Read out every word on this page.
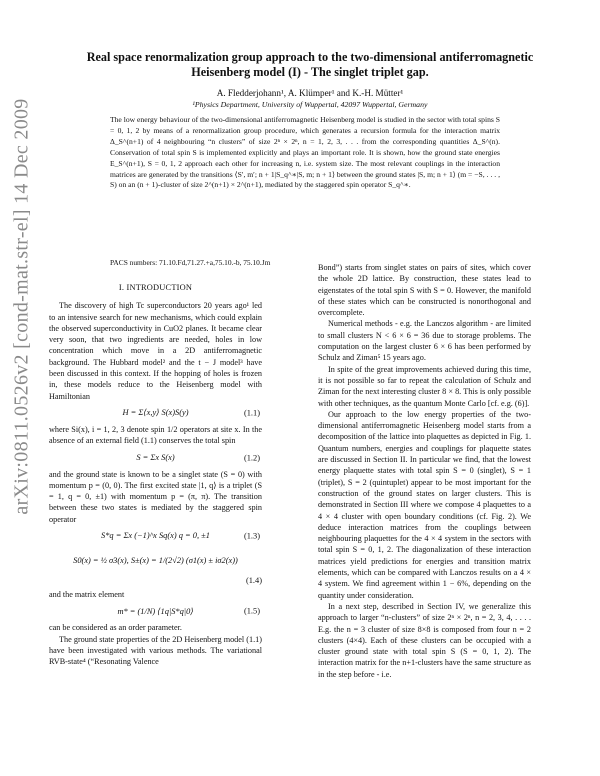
arXiv:0811.0526v2 [cond-mat.str-el] 14 Dec 2009
Real space renormalization group approach to the two-dimensional antiferromagnetic Heisenberg model (I) - The singlet triplet gap.
A. Fledderjohann¹, A. Klümper¹ and K.-H. Mütter¹
¹Physics Department, University of Wuppertal, 42097 Wuppertal, Germany
The low energy behaviour of the two-dimensional antiferromagnetic Heisenberg model is studied in the sector with total spins S = 0, 1, 2 by means of a renormalization group procedure, which generates a recursion formula for the interaction matrix Δ_S^(n+1) of 4 neighbouring “n clusters” of size 2ⁿ × 2ⁿ, n = 1, 2, 3, . . . from the corresponding quantities Δ_S^(n). Conservation of total spin S is implemented explicitly and plays an important role. It is shown, how the ground state energies E_S^(n+1), S = 0, 1, 2 approach each other for increasing n, i.e. system size. The most relevant couplings in the interaction matrices are generated by the transitions ⟨S′, m′; n + 1|S_q^∗|S, m; n + 1⟩ between the ground states |S, m; n + 1⟩ (m = −S, . . . , S) on an (n + 1)-cluster of size 2^(n+1) × 2^(n+1), mediated by the staggered spin operator S_q^∗.
PACS numbers: 71.10.Fd,71.27.+a,75.10.-b, 75.10.Jm
I. INTRODUCTION

The discovery of high Tc superconductors 20 years ago¹ led to an intensive search for new mechanisms, which could explain the observed superconductivity in CuO2 planes. It became clear very soon, that two ingredients are needed, holes in low concentration which move in a 2D antiferromagnetic background. The Hubbard model² and the t − J model³ have been discussed in this context. If the hopping of holes is frozen in, these models reduce to the Heisenberg model with Hamiltonian

H = Σ⟨x,y⟩ S(x)S(y)	(1.1)

where Si(x), i = 1, 2, 3 denote spin 1/2 operators at site x. In the absence of an external field (1.1) conserves the total spin

S = Σx S(x)	(1.2)

and the ground state is known to be a singlet state (S = 0) with momentum p = (0, 0). The first excited state |1, q⟩ is a triplet (S = 1, q = 0, ±1) with momentum p = (π, π). The transition between these two states is mediated by the staggered spin operator

S*q = Σx (−1)^x Sq(x) q = 0, ±1	(1.3)
S0(x) = ½ σ3(x), S±(x) = 1/(2√2) (σ1(x) ± iσ2(x))
(1.4)

and the matrix element

m* = (1/N) ⟨1q|S*q|0⟩	(1.5)

can be considered as an order parameter.

The ground state properties of the 2D Heisenberg model (1.1) have been investigated with various methods. The variational RVB-state⁴ (“Resonating Valence

Bond”) starts from singlet states on pairs of sites, which cover the whole 2D lattice. By construction, these states lead to eigenstates of the total spin S with S = 0. However, the manifold of these states which can be constructed is nonorthogonal and overcomplete.

Numerical methods - e.g. the Lanczos algorithm - are limited to small clusters N < 6 × 6 = 36 due to storage problems. The computation on the largest cluster 6 × 6 has been performed by Schulz and Ziman⁵ 15 years ago.

In spite of the great improvements achieved during this time, it is not possible so far to repeat the calculation of Schulz and Ziman for the next interesting cluster 8 × 8. This is only possible with other techniques, as the quantum Monte Carlo [cf. e.g. (6)].

Our approach to the low energy properties of the two-dimensional antiferromagnetic Heisenberg model starts from a decomposition of the lattice into plaquettes as depicted in Fig. 1. Quantum numbers, energies and couplings for plaquette states are discussed in Section II. In particular we find, that the lowest energy plaquette states with total spin S = 0 (singlet), S = 1 (triplet), S = 2 (quintuplet) appear to be most important for the construction of the ground states on larger clusters. This is demonstrated in Section III where we compose 4 plaquettes to a 4 × 4 cluster with open boundary conditions (cf. Fig. 2). We deduce interaction matrices from the couplings between neighbouring plaquettes for the 4 × 4 system in the sectors with total spin S = 0, 1, 2. The diagonalization of these interaction matrices yield predictions for energies and transition matrix elements, which can be compared with Lanczos results on a 4 × 4 system. We find agreement within 1 − 6%, depending on the quantity under consideration.

In a next step, described in Section IV, we generalize this approach to larger “n-clusters” of size 2ⁿ × 2ⁿ, n = 2, 3, 4, . . . . E.g. the n = 3 cluster of size 8×8 is composed from four n = 2 clusters (4×4). Each of these clusters can be occupied with a cluster ground state with total spin S (S = 0, 1, 2). The interaction matrix for the n+1-clusters have the same structure as in the step before - i.e.
